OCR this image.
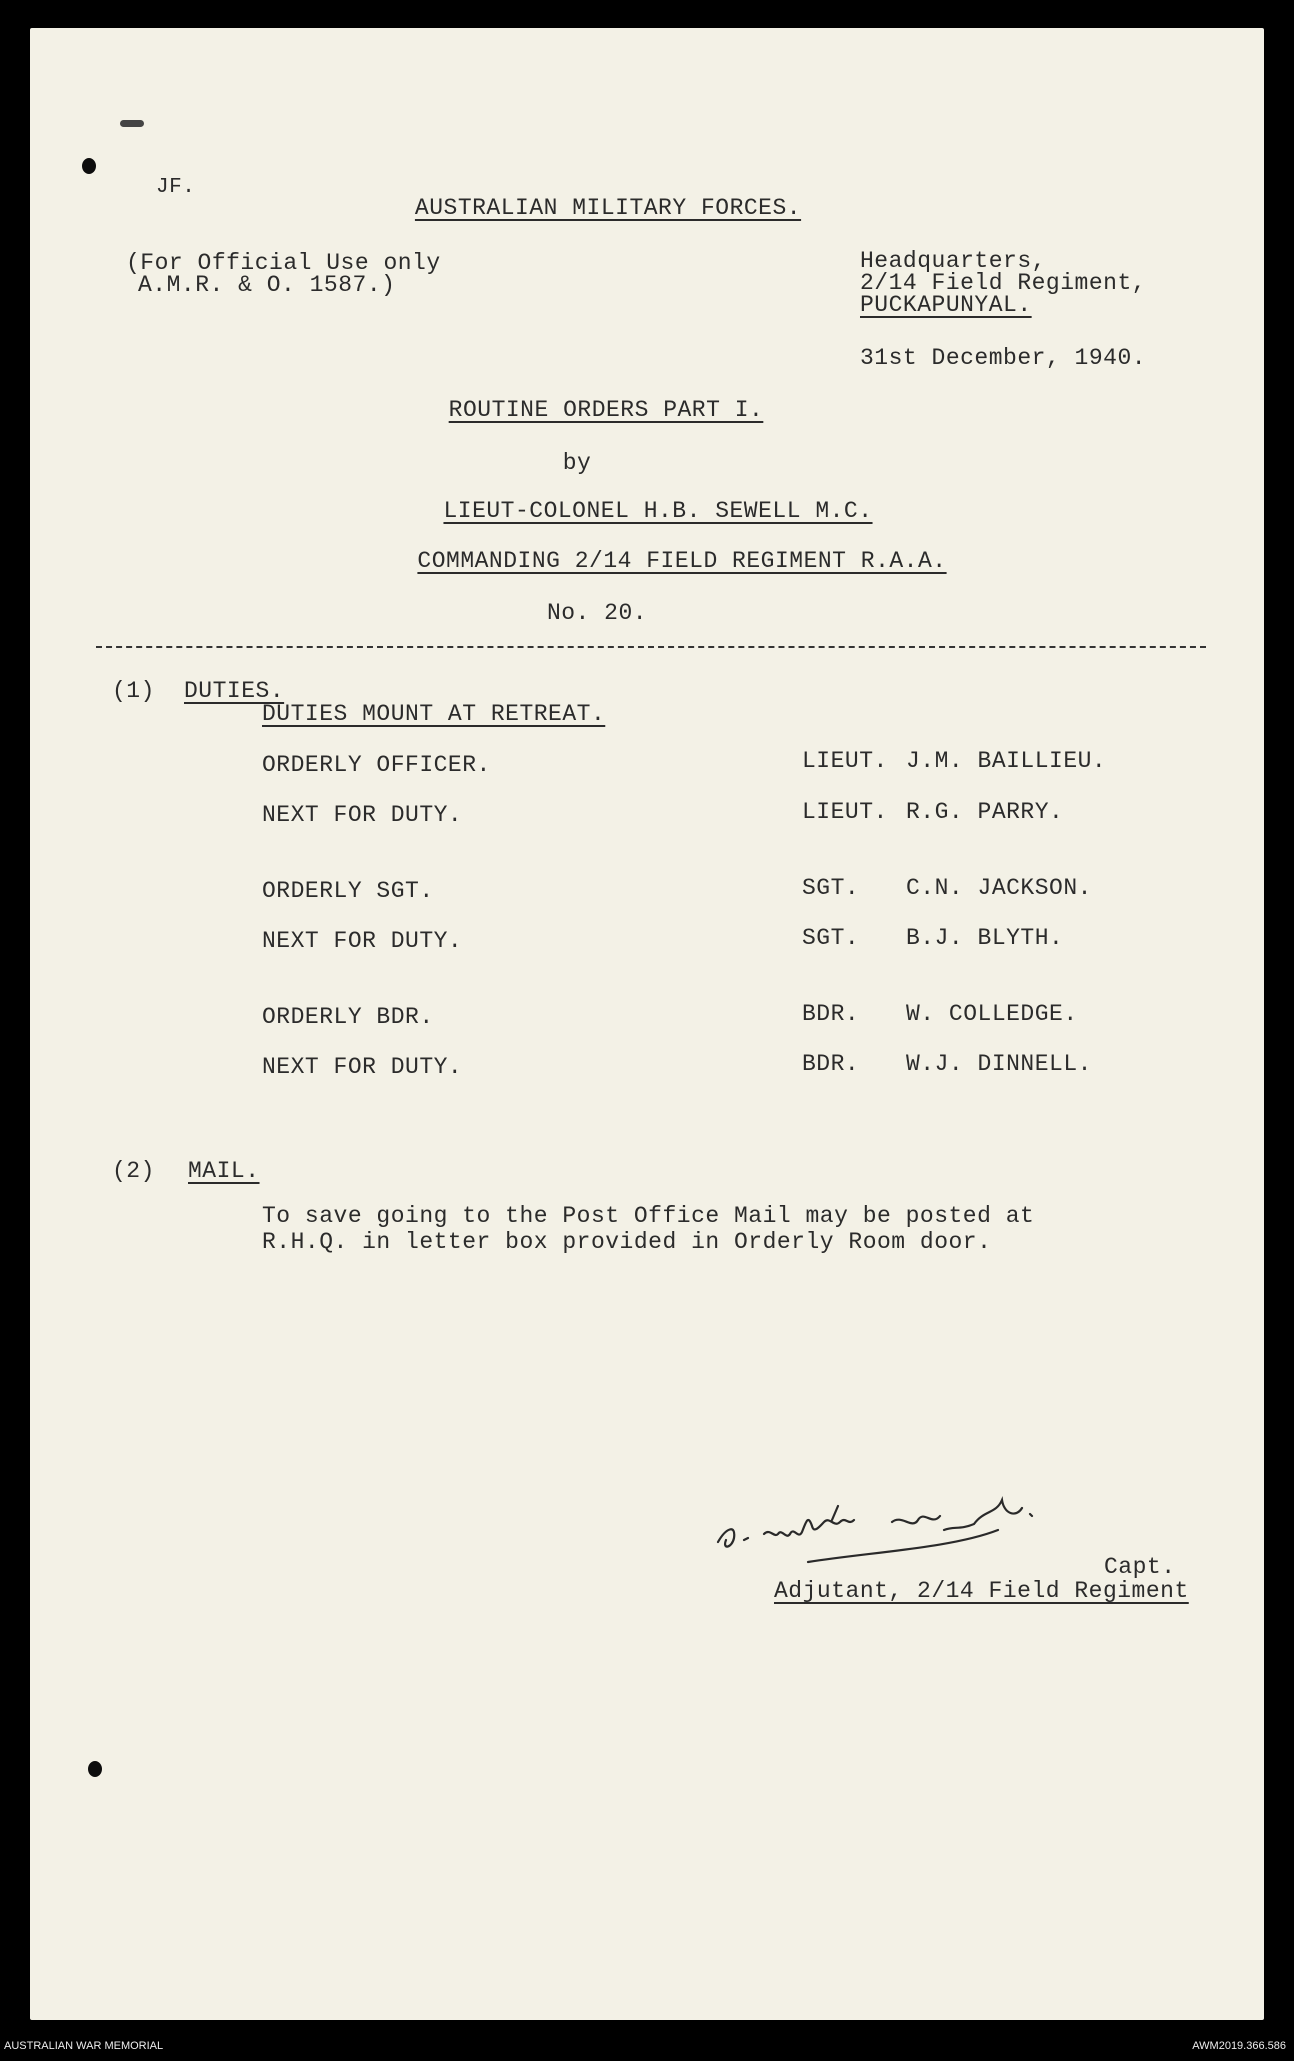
JF.
AUSTRALIAN MILITARY FORCES.
(For Official Use only
A.M.R. & O. 1587.)
Headquarters,
2/14 Field Regiment,
PUCKAPUNYAL.
31st December, 1940.
ROUTINE ORDERS PART I.
by
LIEUT-COLONEL H.B. SEWELL M.C.
COMMANDING 2/14 FIELD REGIMENT R.A.A.
No. 20.
(1) DUTIES.
DUTIES MOUNT AT RETREAT.
ORDERLY OFFICER.	LIEUT. J.M. BAILLIEU.
NEXT FOR DUTY.	LIEUT. R.G. PARRY.
ORDERLY SGT.	SGT. C.N. JACKSON.
NEXT FOR DUTY.	SGT. B.J. BLYTH.
ORDERLY BDR.	BDR. W. COLLEDGE.
NEXT FOR DUTY.	BDR. W.J. DINNELL.
(2) MAIL.
To save going to the Post Office Mail may be posted at
R.H.Q. in letter box provided in Orderly Room door.
Capt.
Adjutant, 2/14 Field Regiment
AUSTRALIAN WAR MEMORIAL	AWM2019.366.586
